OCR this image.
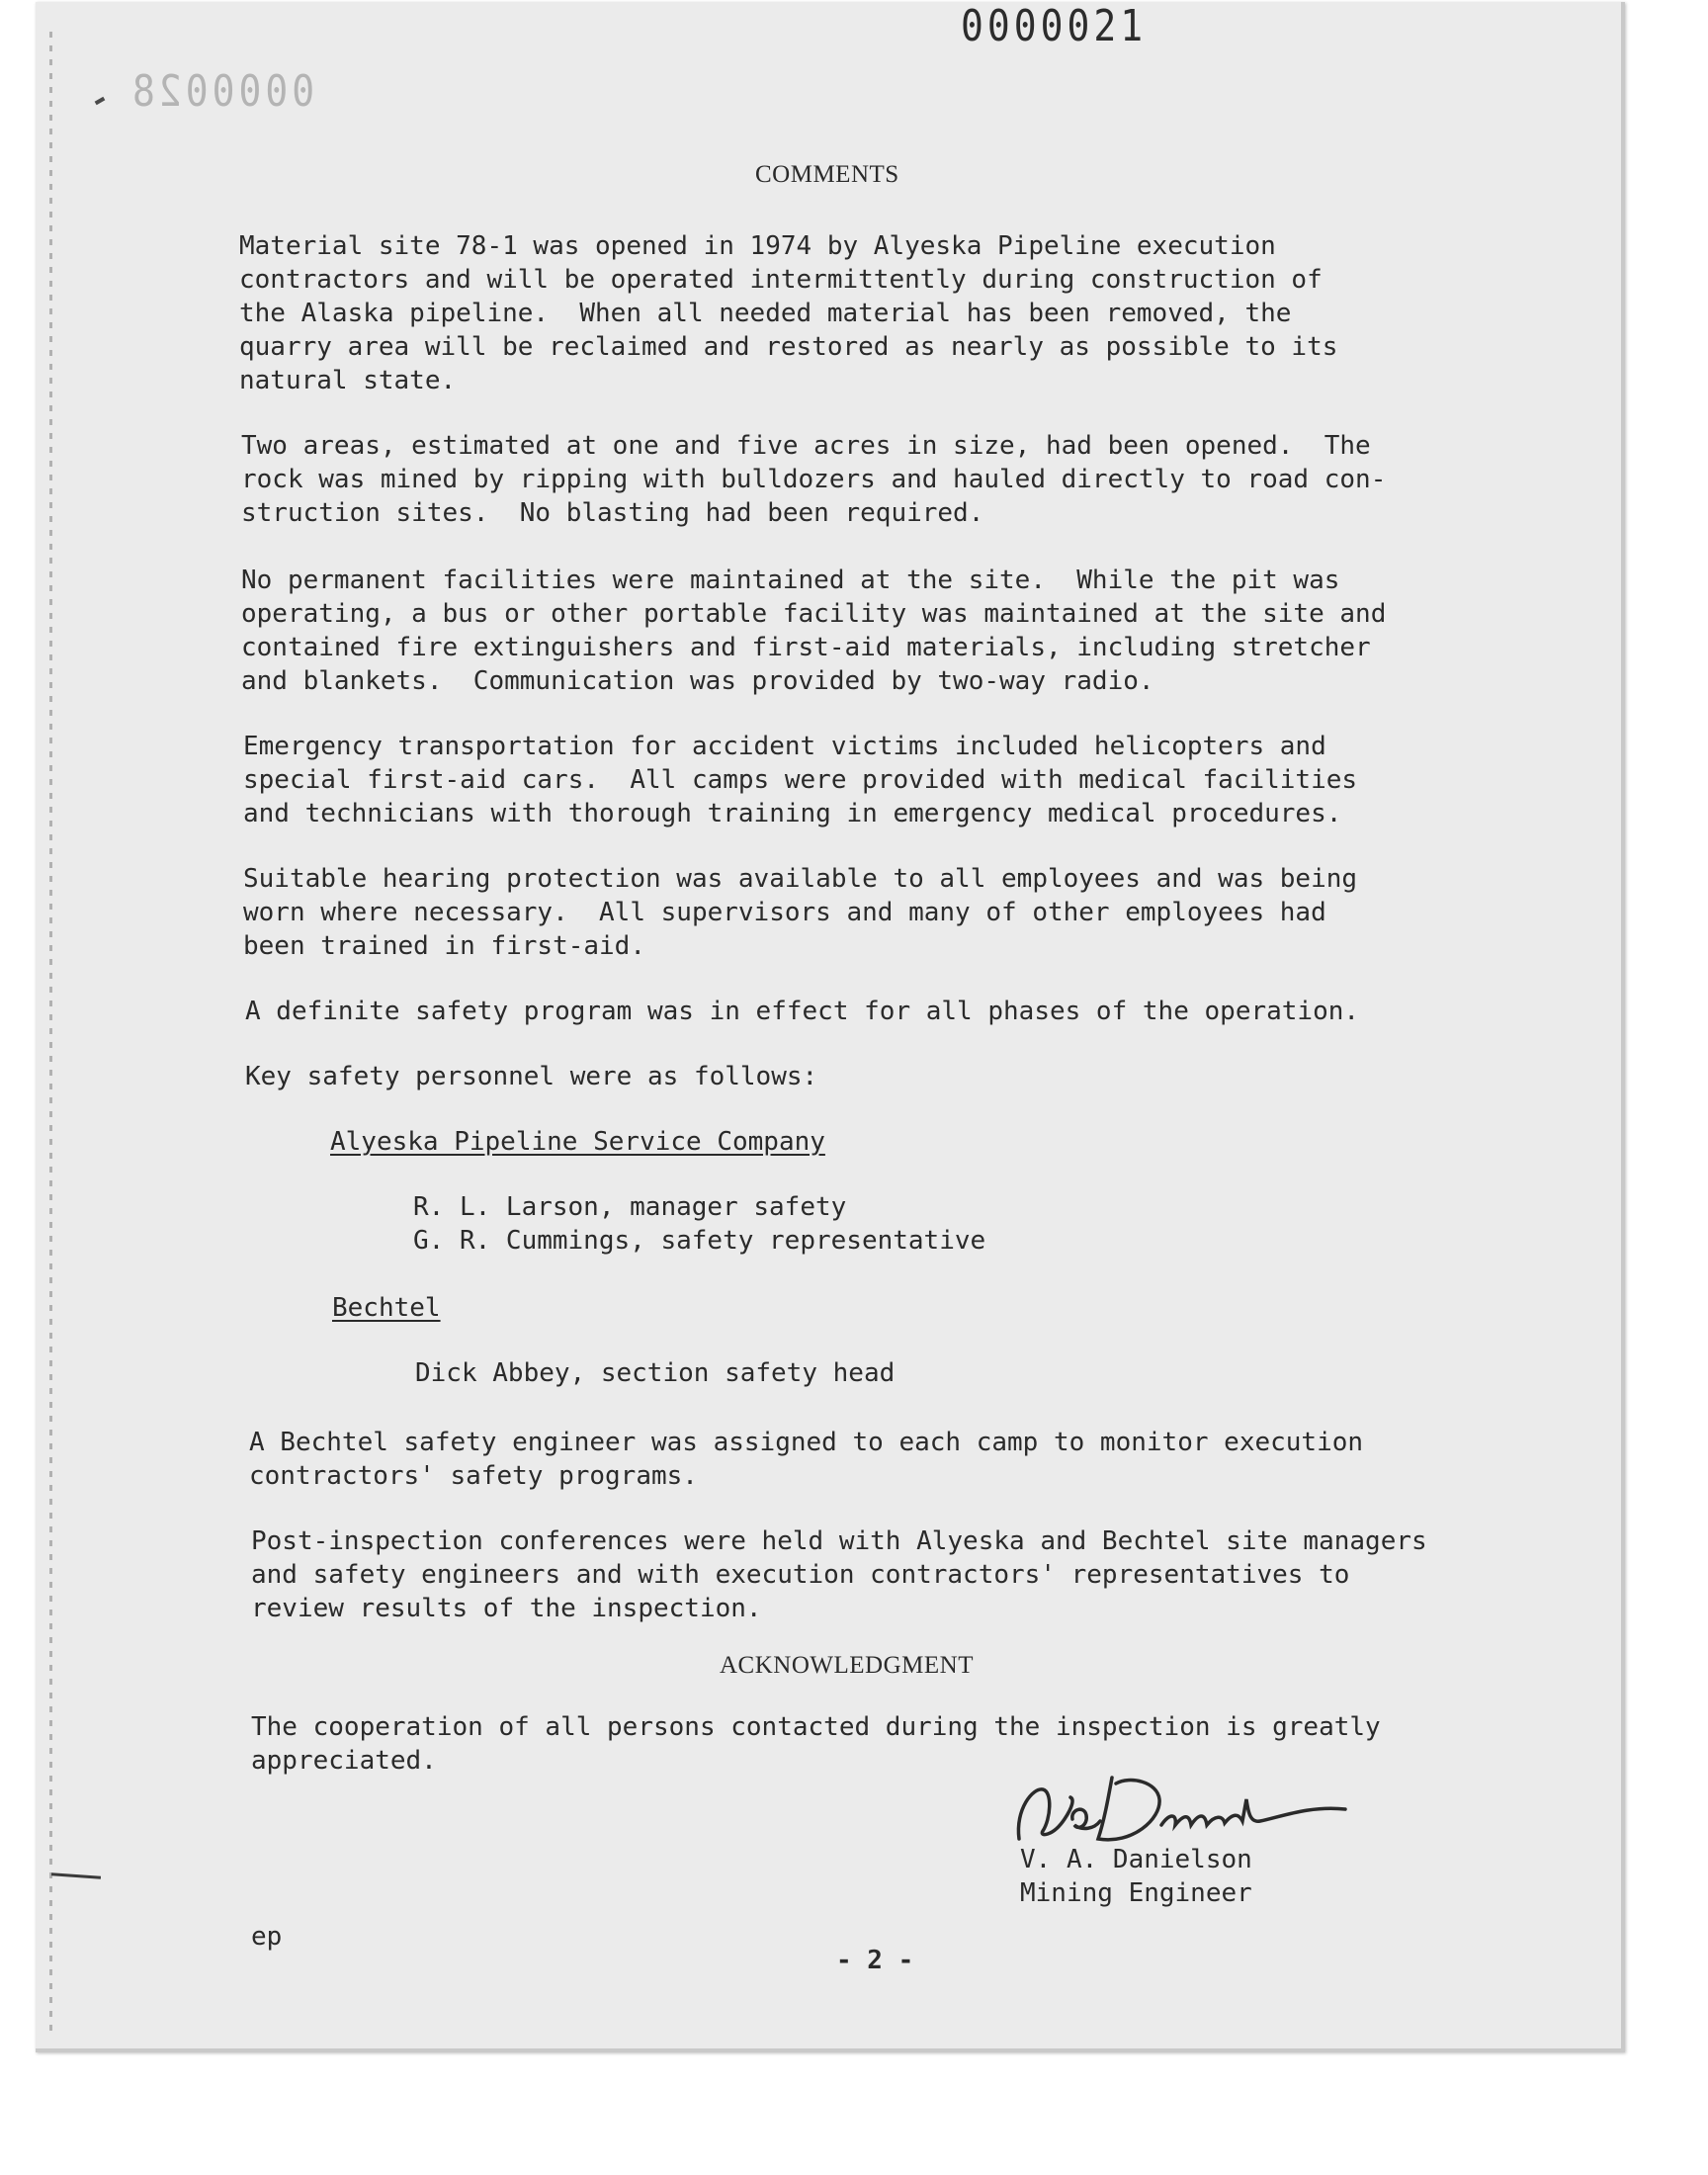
0000021
0000028
COMMENTS
Material site 78-1 was opened in 1974 by Alyeska Pipeline execution
contractors and will be operated intermittently during construction of
the Alaska pipeline.  When all needed material has been removed, the
quarry area will be reclaimed and restored as nearly as possible to its
natural state.
Two areas, estimated at one and five acres in size, had been opened.  The
rock was mined by ripping with bulldozers and hauled directly to road con-
struction sites.  No blasting had been required.
No permanent facilities were maintained at the site.  While the pit was
operating, a bus or other portable facility was maintained at the site and
contained fire extinguishers and first-aid materials, including stretcher
and blankets.  Communication was provided by two-way radio.
Emergency transportation for accident victims included helicopters and
special first-aid cars.  All camps were provided with medical facilities
and technicians with thorough training in emergency medical procedures.
Suitable hearing protection was available to all employees and was being
worn where necessary.  All supervisors and many of other employees had
been trained in first-aid.
A definite safety program was in effect for all phases of the operation.
Key safety personnel were as follows:
Alyeska Pipeline Service Company
R. L. Larson, manager safety
G. R. Cummings, safety representative
Bechtel
Dick Abbey, section safety head
A Bechtel safety engineer was assigned to each camp to monitor execution
contractors' safety programs.
Post-inspection conferences were held with Alyeska and Bechtel site managers
and safety engineers and with execution contractors' representatives to
review results of the inspection.
ACKNOWLEDGMENT
The cooperation of all persons contacted during the inspection is greatly
appreciated.
V. A. Danielson
Mining Engineer
ep
- 2 -
